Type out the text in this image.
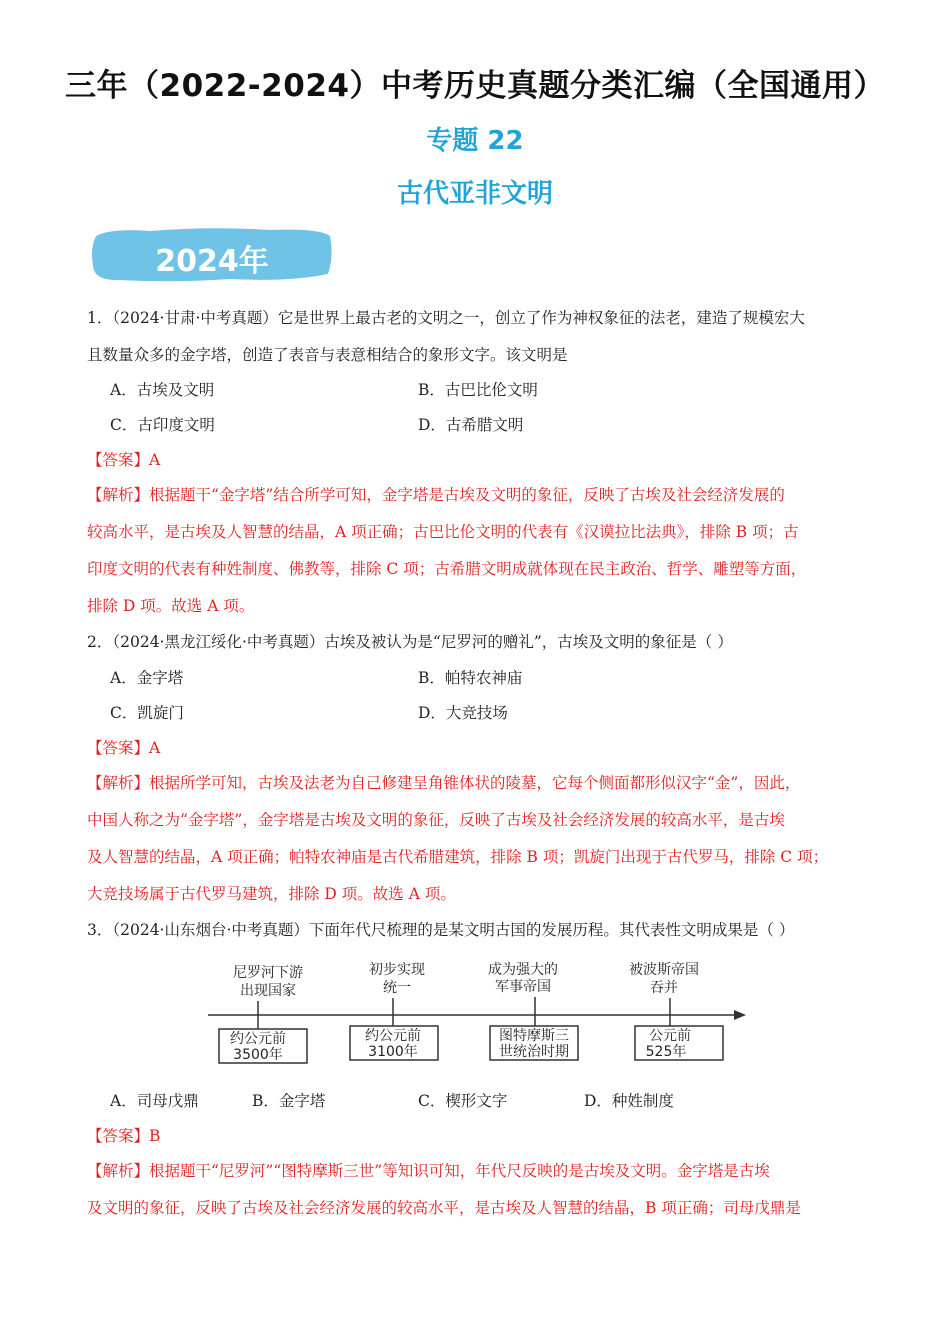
三年（2022-2024）中考历史真题分类汇编（全国通用）
专题 22
古代亚非文明
2024年
1．（2024·甘肃·中考真题）它是世界上最古老的文明之一，创立了作为神权象征的法老，建造了规模宏大
且数量众多的金字塔，创造了表音与表意相结合的象形文字。该文明是
A．古埃及文明	B．古巴比伦文明
C．古印度文明	D．古希腊文明
【答案】A
【解析】根据题干“金字塔”结合所学可知，金字塔是古埃及文明的象征，反映了古埃及社会经济发展的
较高水平，是古埃及人智慧的结晶，A 项正确；古巴比伦文明的代表有《汉谟拉比法典》，排除 B 项；古
印度文明的代表有种姓制度、佛教等，排除 C 项；古希腊文明成就体现在民主政治、哲学、雕塑等方面，
排除 D 项。故选 A 项。
2．（2024·黑龙江绥化·中考真题）古埃及被认为是“尼罗河的赠礼”，古埃及文明的象征是（ ）
A．金字塔	B．帕特农神庙
C．凯旋门	D．大竞技场
【答案】A
【解析】根据所学可知，古埃及法老为自己修建呈角锥体状的陵墓，它每个侧面都形似汉字“金”，因此，
中国人称之为“金字塔”，金字塔是古埃及文明的象征，反映了古埃及社会经济发展的较高水平，是古埃
及人智慧的结晶，A 项正确；帕特农神庙是古代希腊建筑，排除 B 项；凯旋门出现于古代罗马，排除 C 项；
大竞技场属于古代罗马建筑，排除 D 项。故选 A 项。
3．（2024·山东烟台·中考真题）下面年代尺梳理的是某文明古国的发展历程。其代表性文明成果是（ ）
尼罗河下游
出现国家
约公元前
3500年
初步实现
统一
约公元前
3100年
成为强大的
军事帝国
图特摩斯三
世统治时期
被波斯帝国
吞并
公元前
525年
A．司母戊鼎	B．金字塔	C．楔形文字	D．种姓制度
【答案】B
【解析】根据题干“尼罗河”“图特摩斯三世”等知识可知，年代尺反映的是古埃及文明。金字塔是古埃
及文明的象征，反映了古埃及社会经济发展的较高水平，是古埃及人智慧的结晶，B 项正确；司母戊鼎是
